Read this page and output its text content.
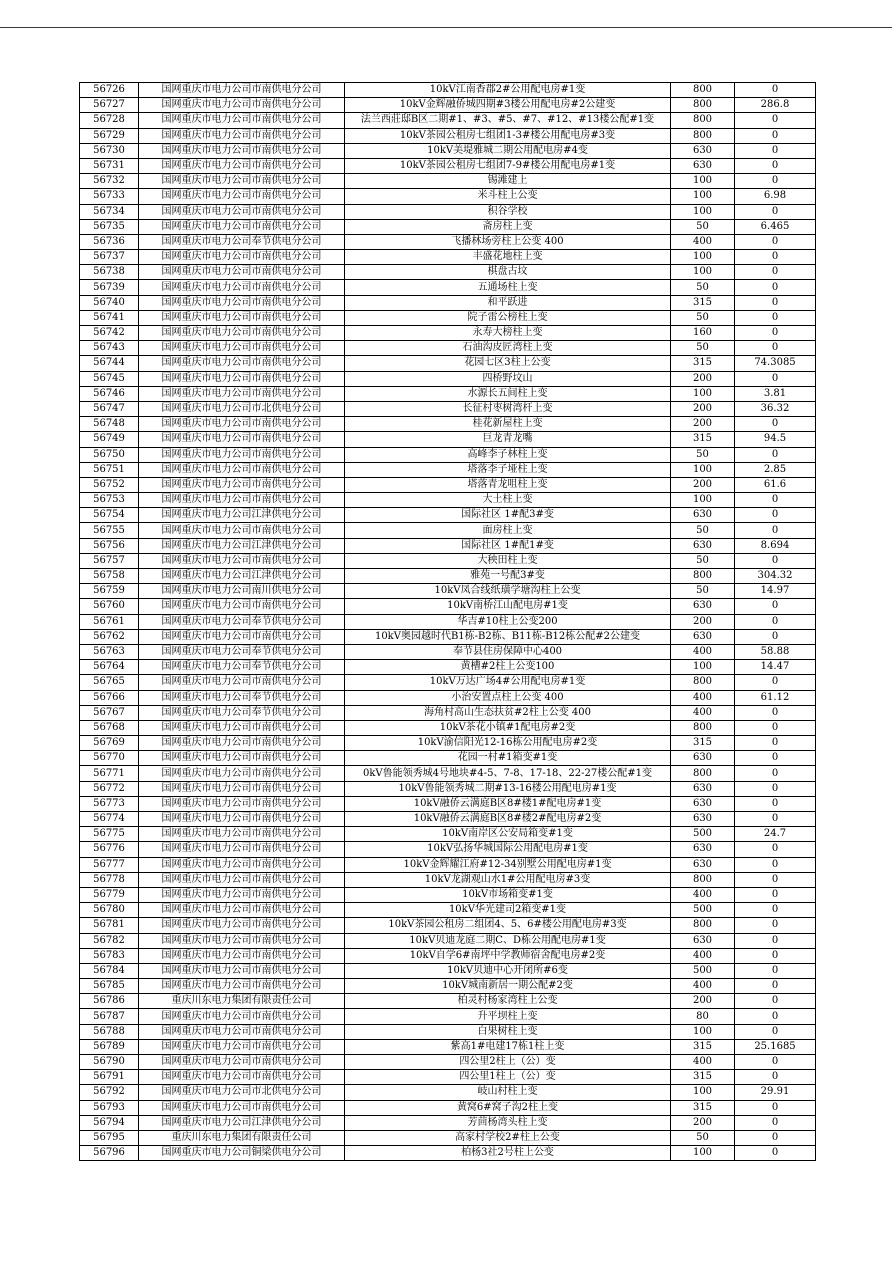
56726	国网重庆市电力公司市南供电分公司	10kV江南香郡2#公用配电房#1变	800	0
56727	国网重庆市电力公司市南供电分公司	10kV金辉融侨城四期#3楼公用配电房#2公建变	800	286.8
56728	国网重庆市电力公司市南供电分公司	法兰西莊邸B区二期#1、#3、#5、#7、#12、#13楼公配#1变	800	0
56729	国网重庆市电力公司市南供电分公司	10kV茶园公租房七组团1-3#楼公用配电房#3变	800	0
56730	国网重庆市电力公司市南供电分公司	10kV美堤雅城二期公用配电房#4变	630	0
56731	国网重庆市电力公司市南供电分公司	10kV茶园公租房七组团7-9#楼公用配电房#1变	630	0
56732	国网重庆市电力公司市南供电分公司	锡滩建上	100	0
56733	国网重庆市电力公司市南供电分公司	米斗柱上公变	100	6.98
56734	国网重庆市电力公司市南供电分公司	积谷学校	100	0
56735	国网重庆市电力公司市南供电分公司	斋房柱上变	50	6.465
56736	国网重庆市电力公司奉节供电分公司	飞播林场旁柱上公变 400	400	0
56737	国网重庆市电力公司市南供电分公司	丰盛花地柱上变	100	0
56738	国网重庆市电力公司市南供电分公司	棋盘古坟	100	0
56739	国网重庆市电力公司市南供电分公司	五通场柱上变	50	0
56740	国网重庆市电力公司市南供电分公司	和平跃进	315	0
56741	国网重庆市电力公司市南供电分公司	院子雷公榜柱上变	50	0
56742	国网重庆市电力公司市南供电分公司	永寿大榜柱上变	160	0
56743	国网重庆市电力公司市南供电分公司	石油沟皮匠湾柱上变	50	0
56744	国网重庆市电力公司市南供电分公司	花园七区3柱上公变	315	74.3085
56745	国网重庆市电力公司市南供电分公司	四桥野坟山	200	0
56746	国网重庆市电力公司市南供电分公司	水源长五间柱上变	100	3.81
56747	国网重庆市电力公司市北供电分公司	长征村枣树湾杆上变	200	36.32
56748	国网重庆市电力公司市南供电分公司	桂花新屋柱上变	200	0
56749	国网重庆市电力公司市南供电分公司	巨龙青龙嘴	315	94.5
56750	国网重庆市电力公司市南供电分公司	高峰李子林柱上变	50	0
56751	国网重庆市电力公司市南供电分公司	塔落李子垭柱上变	100	2.85
56752	国网重庆市电力公司市南供电分公司	塔落青龙咀柱上变	200	61.6
56753	国网重庆市电力公司市南供电分公司	大土柱上变	100	0
56754	国网重庆市电力公司江津供电分公司	国际社区 1#配3#变	630	0
56755	国网重庆市电力公司市南供电分公司	面房柱上变	50	0
56756	国网重庆市电力公司江津供电分公司	国际社区 1#配1#变	630	8.694
56757	国网重庆市电力公司市南供电分公司	大秧田柱上变	50	0
56758	国网重庆市电力公司江津供电分公司	雅苑一号配3#变	800	304.32
56759	国网重庆市电力公司南川供电分公司	10kV凤合线纸璜学塘沟柱上公变	50	14.97
56760	国网重庆市电力公司市南供电分公司	10kV南桥江山配电房#1变	630	0
56761	国网重庆市电力公司奉节供电分公司	华吉#10柱上公变200	200	0
56762	国网重庆市电力公司市南供电分公司	10kV奥园越时代B1栋-B2栋、B11栋-B12栋公配#2公建变	630	0
56763	国网重庆市电力公司奉节供电分公司	奉节县住房保障中心400	400	58.88
56764	国网重庆市电力公司奉节供电分公司	黄槽#2柱上公变100	100	14.47
56765	国网重庆市电力公司市南供电分公司	10kV万达广场4#公用配电房#1变	800	0
56766	国网重庆市电力公司奉节供电分公司	小治安置点柱上公变 400	400	61.12
56767	国网重庆市电力公司奉节供电分公司	海角村高山生态扶贫#2柱上公变 400	400	0
56768	国网重庆市电力公司市南供电分公司	10kV茶花小镇#1配电房#2变	800	0
56769	国网重庆市电力公司市南供电分公司	10kV渝信阳光12-16栋公用配电房#2变	315	0
56770	国网重庆市电力公司市南供电分公司	花园一村#1箱变#1变	630	0
56771	国网重庆市电力公司市南供电分公司	0kV鲁能领秀城4号地块#4-5、7-8、17-18、22-27楼公配#1变	800	0
56772	国网重庆市电力公司市南供电分公司	10kV鲁能领秀城二期#13-16楼公用配电房#1变	630	0
56773	国网重庆市电力公司市南供电分公司	10kV融侨云满庭B区8#楼1#配电房#1变	630	0
56774	国网重庆市电力公司市南供电分公司	10kV融侨云满庭B区8#楼2#配电房#2变	630	0
56775	国网重庆市电力公司市南供电分公司	10kV南岸区公安局箱变#1变	500	24.7
56776	国网重庆市电力公司市南供电分公司	10kV弘扬华城国际公用配电房#1变	630	0
56777	国网重庆市电力公司市南供电分公司	10kV金辉耀江府#12-34别墅公用配电房#1变	630	0
56778	国网重庆市电力公司市南供电分公司	10kV龙湖观山水1#公用配电房#3变	800	0
56779	国网重庆市电力公司市南供电分公司	10kV市场箱变#1变	400	0
56780	国网重庆市电力公司市南供电分公司	10kV华光建司2箱变#1变	500	0
56781	国网重庆市电力公司市南供电分公司	10kV茶园公租房二组团4、5、6#楼公用配电房#3变	800	0
56782	国网重庆市电力公司市南供电分公司	10kV贝迪龙庭二期C、D栋公用配电房#1变	630	0
56783	国网重庆市电力公司市南供电分公司	10kV自学6#南坪中学教师宿舍配电房#2变	400	0
56784	国网重庆市电力公司市南供电分公司	10kV贝迪中心开闭所#6变	500	0
56785	国网重庆市电力公司市南供电分公司	10kV城南新居一期公配#2变	400	0
56786	重庆川东电力集团有限责任公司	柏灵村杨家湾柱上公变	200	0
56787	国网重庆市电力公司市南供电分公司	升平坝柱上变	80	0
56788	国网重庆市电力公司市南供电分公司	白果树柱上变	100	0
56789	国网重庆市电力公司市南供电分公司	紫高1#电建17栋1柱上变	315	25.1685
56790	国网重庆市电力公司市南供电分公司	四公里2柱上（公）变	400	0
56791	国网重庆市电力公司市南供电分公司	四公里1柱上（公）变	315	0
56792	国网重庆市电力公司市北供电分公司	岐山村柱上变	100	29.91
56793	国网重庆市电力公司市南供电分公司	黄窝6#窝子沟2柱上变	315	0
56794	国网重庆市电力公司江津供电分公司	芳茴杨湾头柱上变	200	0
56795	重庆川东电力集团有限责任公司	高家村学校2#柱上公变	50	0
56796	国网重庆市电力公司铜梁供电分公司	柏杨3社2号柱上公变	100	0
